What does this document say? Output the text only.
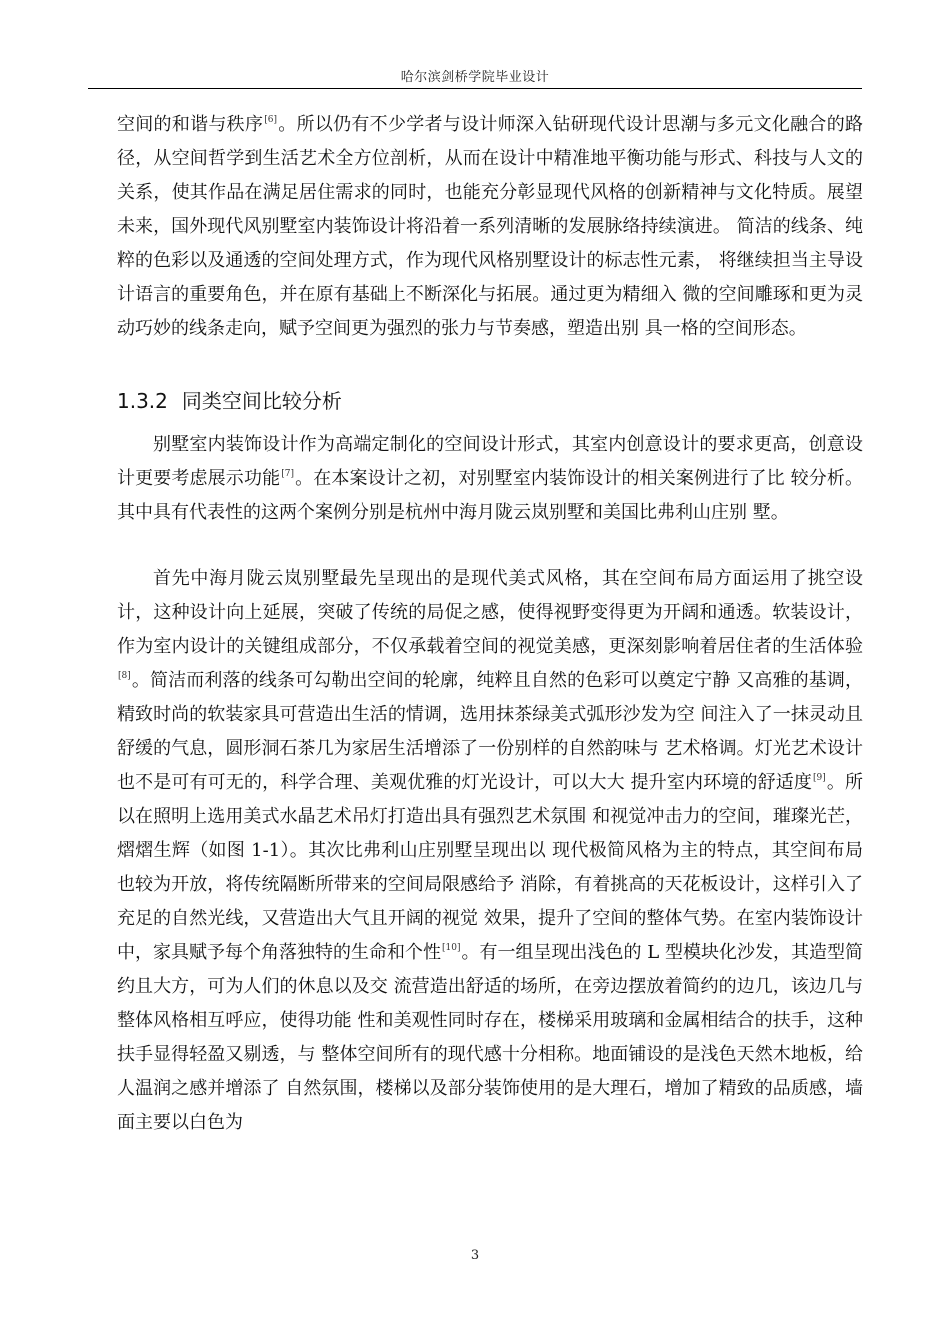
哈尔滨剑桥学院毕业设计

空间的和谐与秩序[6]。所以仍有不少学者与设计师深入钻研现代设计思潮与多元文化融合的路径，从空间哲学到生活艺术全方位剖析，从而在设计中精准地平衡功能与形式、科技与人文的关系，使其作品在满足居住需求的同时，也能充分彰显现代风格的创新精神与文化特质。展望未来，国外现代风别墅室内装饰设计将沿着一系列清晰的发展脉络持续演进。 简洁的线条、纯粹的色彩以及通透的空间处理方式，作为现代风格别墅设计的标志性元素， 将继续担当主导设计语言的重要角色，并在原有基础上不断深化与拓展。通过更为精细入 微的空间雕琢和更为灵动巧妙的线条走向，赋予空间更为强烈的张力与节奏感，塑造出别 具一格的空间形态。

1.3.2 同类空间比较分析

别墅室内装饰设计作为高端定制化的空间设计形式，其室内创意设计的要求更高，创意设计更要考虑展示功能[7]。在本案设计之初，对别墅室内装饰设计的相关案例进行了比 较分析。其中具有代表性的这两个案例分别是杭州中海月陇云岚别墅和美国比弗利山庄别 墅。

首先中海月陇云岚别墅最先呈现出的是现代美式风格，其在空间布局方面运用了挑空设计，这种设计向上延展，突破了传统的局促之感，使得视野变得更为开阔和通透。软装设计，作为室内设计的关键组成部分，不仅承载着空间的视觉美感，更深刻影响着居住者的生活体验[8]。简洁而利落的线条可勾勒出空间的轮廓，纯粹且自然的色彩可以奠定宁静 又高雅的基调，精致时尚的软装家具可营造出生活的情调，选用抹茶绿美式弧形沙发为空 间注入了一抹灵动且舒缓的气息，圆形洞石茶几为家居生活增添了一份别样的自然韵味与 艺术格调。灯光艺术设计也不是可有可无的，科学合理、美观优雅的灯光设计，可以大大 提升室内环境的舒适度[9]。所以在照明上选用美式水晶艺术吊灯打造出具有强烈艺术氛围 和视觉冲击力的空间，璀璨光芒，熠熠生辉（如图 1-1）。其次比弗利山庄别墅呈现出以 现代极简风格为主的特点，其空间布局也较为开放，将传统隔断所带来的空间局限感给予 消除，有着挑高的天花板设计，这样引入了充足的自然光线，又营造出大气且开阔的视觉 效果，提升了空间的整体气势。在室内装饰设计中，家具赋予每个角落独特的生命和个性[10]。有一组呈现出浅色的 L 型模块化沙发，其造型简约且大方，可为人们的休息以及交 流营造出舒适的场所，在旁边摆放着简约的边几，该边几与整体风格相互呼应，使得功能 性和美观性同时存在，楼梯采用玻璃和金属相结合的扶手，这种扶手显得轻盈又剔透，与 整体空间所有的现代感十分相称。地面铺设的是浅色天然木地板，给人温润之感并增添了 自然氛围，楼梯以及部分装饰使用的是大理石，增加了精致的品质感，墙面主要以白色为

3
